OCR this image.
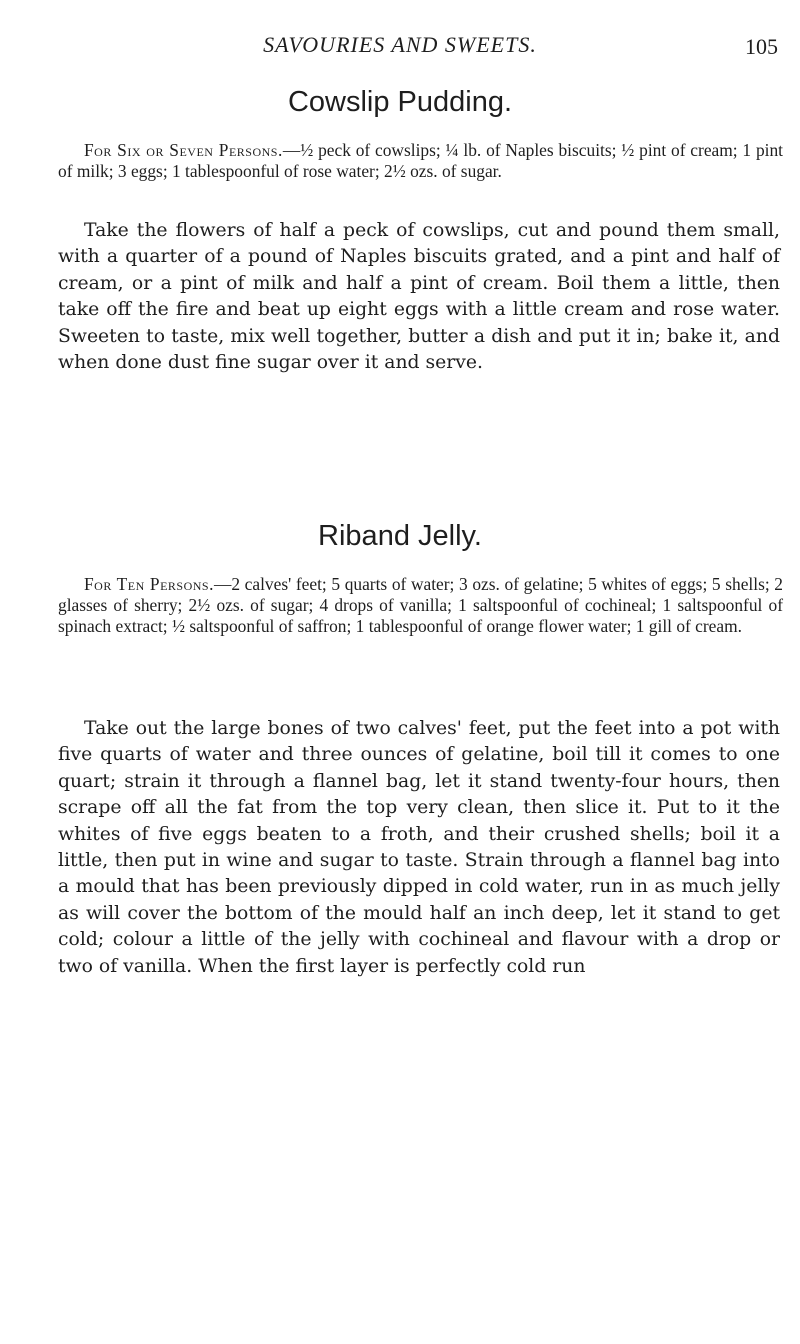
SAVOURIES AND SWEETS.	105
Cowslip Pudding.
For Six or Seven Persons.—½ peck of cowslips; ¼ lb. of Naples biscuits; ½ pint of cream; 1 pint of milk; 3 eggs; 1 tablespoonful of rose water; 2½ ozs. of sugar.

Take the flowers of half a peck of cowslips, cut and pound them small, with a quarter of a pound of Naples biscuits grated, and a pint and half of cream, or a pint of milk and half a pint of cream. Boil them a little, then take off the fire and beat up eight eggs with a little cream and rose water. Sweeten to taste, mix well together, butter a dish and put it in; bake it, and when done dust fine sugar over it and serve.

Riband Jelly.
For Ten Persons.—2 calves' feet; 5 quarts of water; 3 ozs. of gelatine; 5 whites of eggs; 5 shells; 2 glasses of sherry; 2½ ozs. of sugar; 4 drops of vanilla; 1 saltspoonful of cochineal; 1 saltspoonful of spinach extract; ½ saltspoonful of saffron; 1 tablespoonful of orange flower water; 1 gill of cream.

Take out the large bones of two calves' feet, put the feet into a pot with five quarts of water and three ounces of gelatine, boil till it comes to one quart; strain it through a flannel bag, let it stand twenty-four hours, then scrape off all the fat from the top very clean, then slice it. Put to it the whites of five eggs beaten to a froth, and their crushed shells; boil it a little, then put in wine and sugar to taste. Strain through a flannel bag into a mould that has been previously dipped in cold water, run in as much jelly as will cover the bottom of the mould half an inch deep, let it stand to get cold; colour a little of the jelly with cochineal and flavour with a drop or two of vanilla. When the first layer is perfectly cold run
